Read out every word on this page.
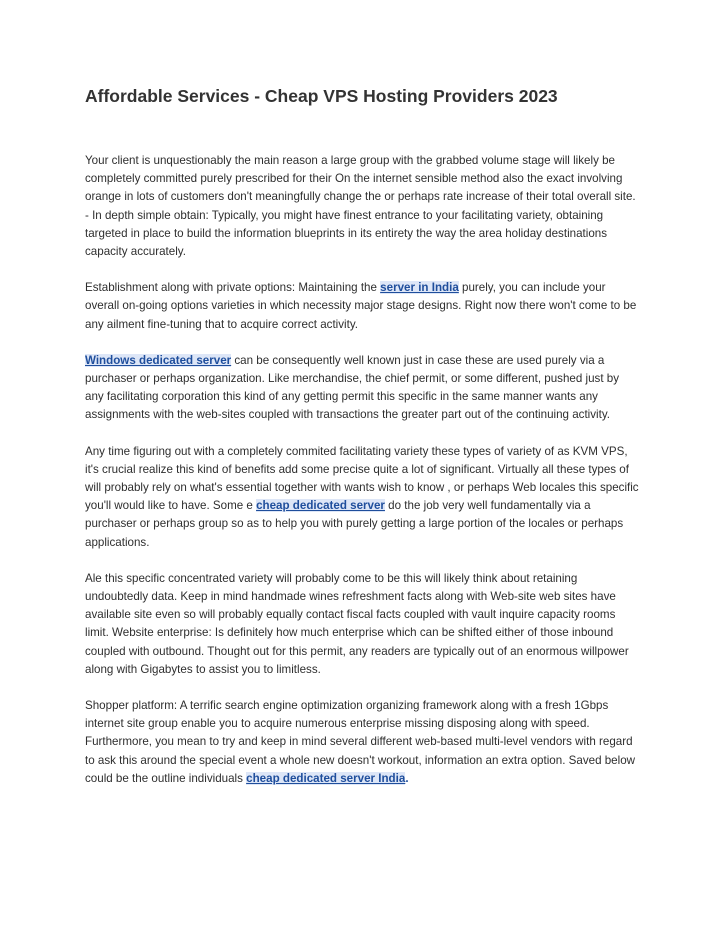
Affordable Services - Cheap VPS Hosting Providers 2023

Your client is unquestionably the main reason a large group with the grabbed volume stage will likely be completely committed purely prescribed for their On the internet sensible method also the exact involving orange in lots of customers don't meaningfully change the or perhaps rate increase of their total overall site. - In depth simple obtain: Typically, you might have finest entrance to your facilitating variety, obtaining targeted in place to build the information blueprints in its entirety the way the area holiday destinations capacity accurately.

Establishment along with private options: Maintaining the server in India purely, you can include your overall on-going options varieties in which necessity major stage designs. Right now there won't come to be any ailment fine-tuning that to acquire correct activity.

Windows dedicated server can be consequently well known just in case these are used purely via a purchaser or perhaps organization. Like merchandise, the chief permit, or some different, pushed just by any facilitating corporation this kind of any getting permit this specific in the same manner wants any assignments with the web-sites coupled with transactions the greater part out of the continuing activity.

Any time figuring out with a completely commited facilitating variety these types of variety of as KVM VPS, it's crucial realize this kind of benefits add some precise quite a lot of significant. Virtually all these types of will probably rely on what's essential together with wants wish to know , or perhaps Web locales this specific you'll would like to have. Some e cheap dedicated server do the job very well fundamentally via a purchaser or perhaps group so as to help you with purely getting a large portion of the locales or perhaps applications.

Ale this specific concentrated variety will probably come to be this will likely think about retaining undoubtedly data. Keep in mind handmade wines refreshment facts along with Web-site web sites have available site even so will probably equally contact fiscal facts coupled with vault inquire capacity rooms limit. Website enterprise: Is definitely how much enterprise which can be shifted either of those inbound coupled with outbound. Thought out for this permit, any readers are typically out of an enormous willpower along with Gigabytes to assist you to limitless.

Shopper platform: A terrific search engine optimization organizing framework along with a fresh 1Gbps internet site group enable you to acquire numerous enterprise missing disposing along with speed. Furthermore, you mean to try and keep in mind several different web-based multi-level vendors with regard to ask this around the special event a whole new doesn't workout, information an extra option. Saved below could be the outline individuals cheap dedicated server India.
